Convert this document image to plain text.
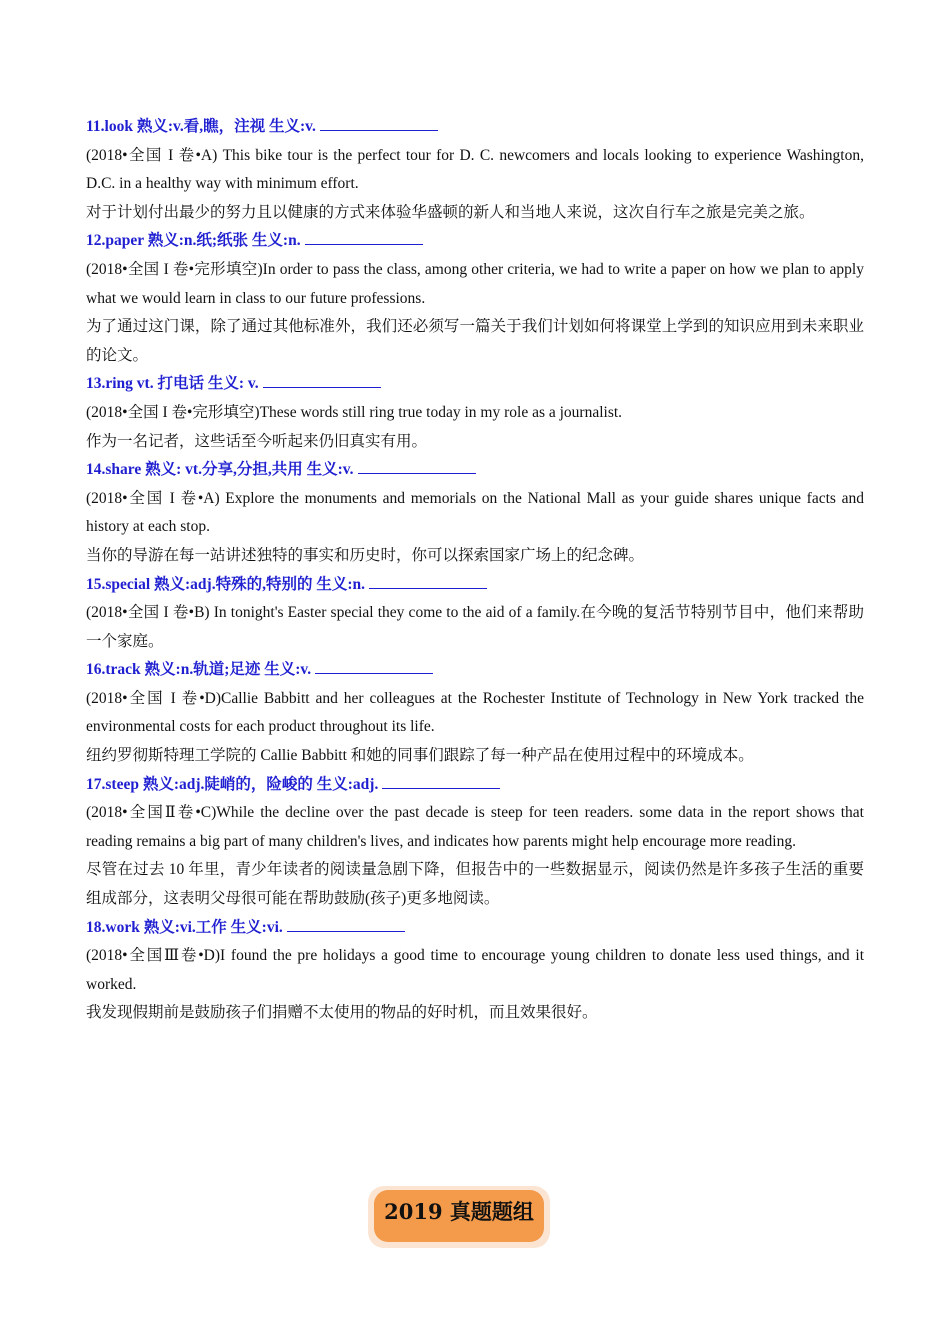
11.look 熟义:v.看,瞧，注视 生义:v.

(2018•全国 I 卷•A) This bike tour is the perfect tour for D. C. newcomers and locals looking to experience Washington, D.C. in a healthy way with minimum effort.

对于计划付出最少的努力且以健康的方式来体验华盛顿的新人和当地人来说，这次自行车之旅是完美之旅。

12.paper 熟义:n.纸;纸张 生义:n.

(2018•全国 I 卷•完形填空)In order to pass the class, among other criteria, we had to write a paper on how we plan to apply what we would learn in class to our future professions.

为了通过这门课，除了通过其他标准外，我们还必须写一篇关于我们计划如何将课堂上学到的知识应用到未来职业的论文。

13.ring vt. 打电话 生义: v.

(2018•全国 I 卷•完形填空)These words still ring true today in my role as a journalist.

作为一名记者，这些话至今听起来仍旧真实有用。

14.share 熟义: vt.分享,分担,共用 生义:v.

(2018•全国 I 卷•A) Explore the monuments and memorials on the National Mall as your guide shares unique facts and history at each stop.

当你的导游在每一站讲述独特的事实和历史时，你可以探索国家广场上的纪念碑。

15.special 熟义:adj.特殊的,特别的 生义:n.

(2018•全国 I 卷•B) In tonight's Easter special they come to the aid of a family.在今晚的复活节特别节目中，他们来帮助一个家庭。

16.track 熟义:n.轨道;足迹 生义:v.

(2018•全国 I 卷•D)Callie Babbitt and her colleagues at the Rochester Institute of Technology in New York tracked the environmental costs for each product throughout its life.

纽约罗彻斯特理工学院的 Callie Babbitt 和她的同事们跟踪了每一种产品在使用过程中的环境成本。

17.steep 熟义:adj.陡峭的，险峻的 生义:adj.

(2018•全国Ⅱ卷•C)While the decline over the past decade is steep for teen readers. some data in the report shows that reading remains a big part of many children's lives, and indicates how parents might help encourage more reading.

尽管在过去 10 年里，青少年读者的阅读量急剧下降，但报告中的一些数据显示，阅读仍然是许多孩子生活的重要组成部分，这表明父母很可能在帮助鼓励(孩子)更多地阅读。

18.work 熟义:vi.工作 生义:vi.

(2018•全国Ⅲ卷•D)I found the pre holidays a good time to encourage young children to donate less used things, and it worked.

我发现假期前是鼓励孩子们捐赠不太使用的物品的好时机，而且效果很好。

2019 真题题组
